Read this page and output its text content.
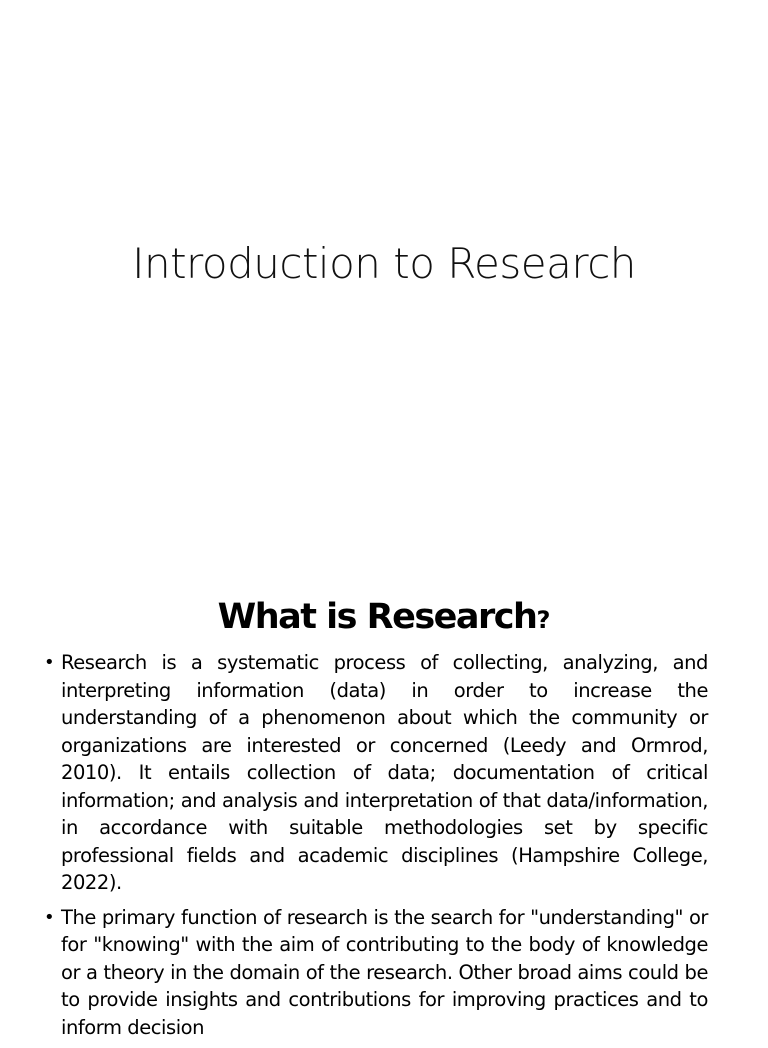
Introduction to Research
What is Research?
• Research is a systematic process of collecting, analyzing, and interpreting information (data) in order to increase the understanding of a phenomenon about which the community or organizations are interested or concerned (Leedy and Ormrod, 2010). It entails collection of data; documentation of critical information; and analysis and interpretation of that data/information, in accordance with suitable methodologies set by specific professional fields and academic disciplines (Hampshire College, 2022).
• The primary function of research is the search for "understanding" or for "knowing" with the aim of contributing to the body of knowledge or a theory in the domain of the research. Other broad aims could be to provide insights and contributions for improving practices and to inform decision
